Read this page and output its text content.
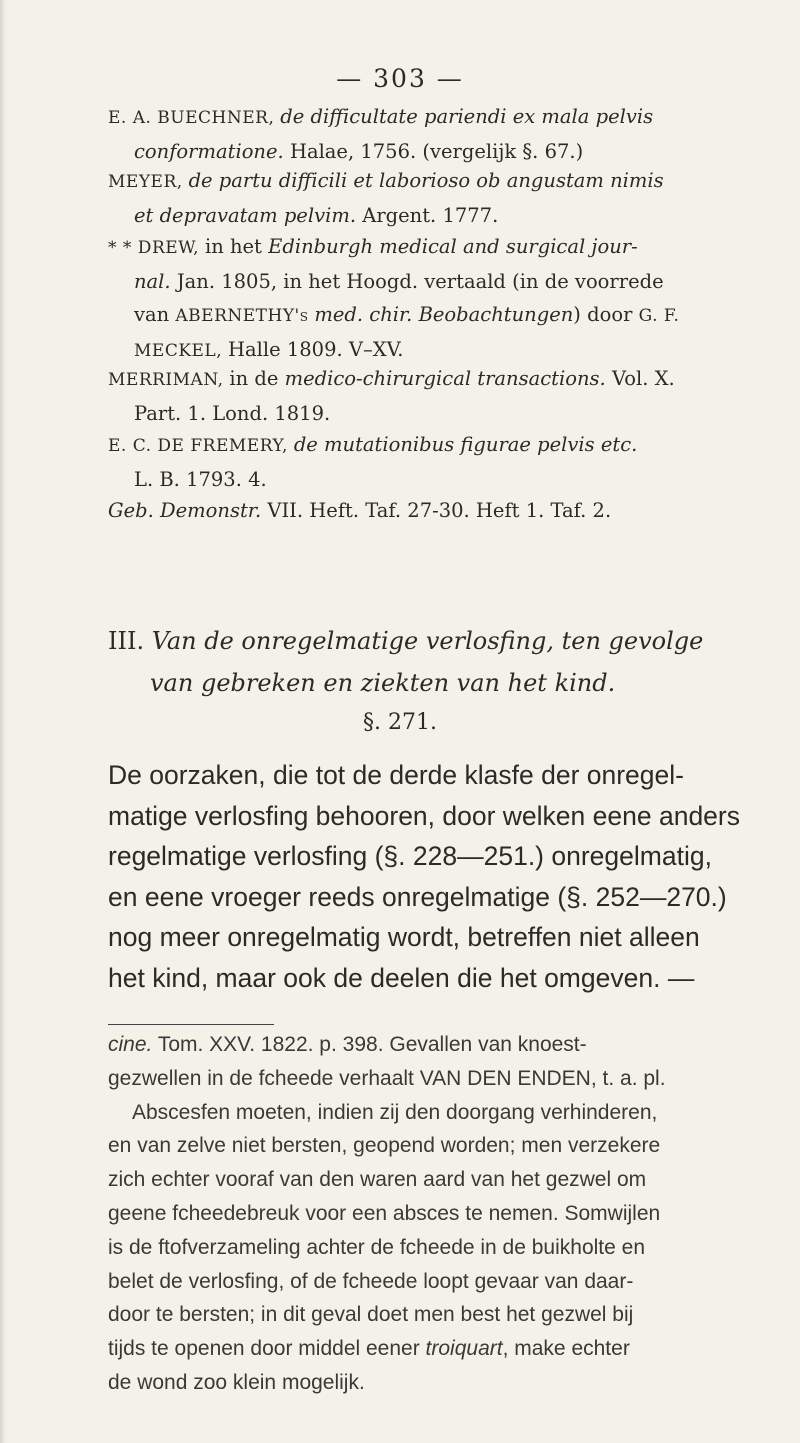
— 303 —
E. A. BUECHNER, de difficultate pariendi ex mala pelvis
conformatione. Halae, 1756. (vergelijk §. 67.)
MEYER, de partu difficili et laborioso ob angustam nimis
et depravatam pelvim. Argent. 1777.
* * DREW, in het Edinburgh medical and surgical jour-
nal. Jan. 1805, in het Hoogd. vertaald (in de voorrede
van ABERNETHY's med. chir. Beobachtungen) door G. F.
MECKEL, Halle 1809. V–XV.
MERRIMAN, in de medico-chirurgical transactions. Vol. X.
Part. 1. Lond. 1819.
E. C. DE FREMERY, de mutationibus figurae pelvis etc.
L. B. 1793. 4.
Geb. Demonstr. VII. Heft. Taf. 27-30. Heft 1. Taf. 2.
III. Van de onregelmatige verlosfing, ten gevolge
van gebreken en ziekten van het kind.
§. 271.
De oorzaken, die tot de derde klasfe der onregel-
matige verlosfing behooren, door welken eene anders
regelmatige verlosfing (§. 228—251.) onregelmatig,
en eene vroeger reeds onregelmatige (§. 252—270.)
nog meer onregelmatig wordt, betreffen niet alleen
het kind, maar ook de deelen die het omgeven. —
cine. Tom. XXV. 1822. p. 398. Gevallen van knoest-
gezwellen in de fcheede verhaalt VAN DEN ENDEN, t. a. pl.
Abscesfen moeten, indien zij den doorgang verhinderen,
en van zelve niet bersten, geopend worden; men verzekere
zich echter vooraf van den waren aard van het gezwel om
geene fcheedebreuk voor een absces te nemen. Somwijlen
is de ftofverzameling achter de fcheede in de buikholte en
belet de verlosfing, of de fcheede loopt gevaar van daar-
door te bersten; in dit geval doet men best het gezwel bij
tijds te openen door middel eener troiquart, make echter
de wond zoo klein mogelijk.
